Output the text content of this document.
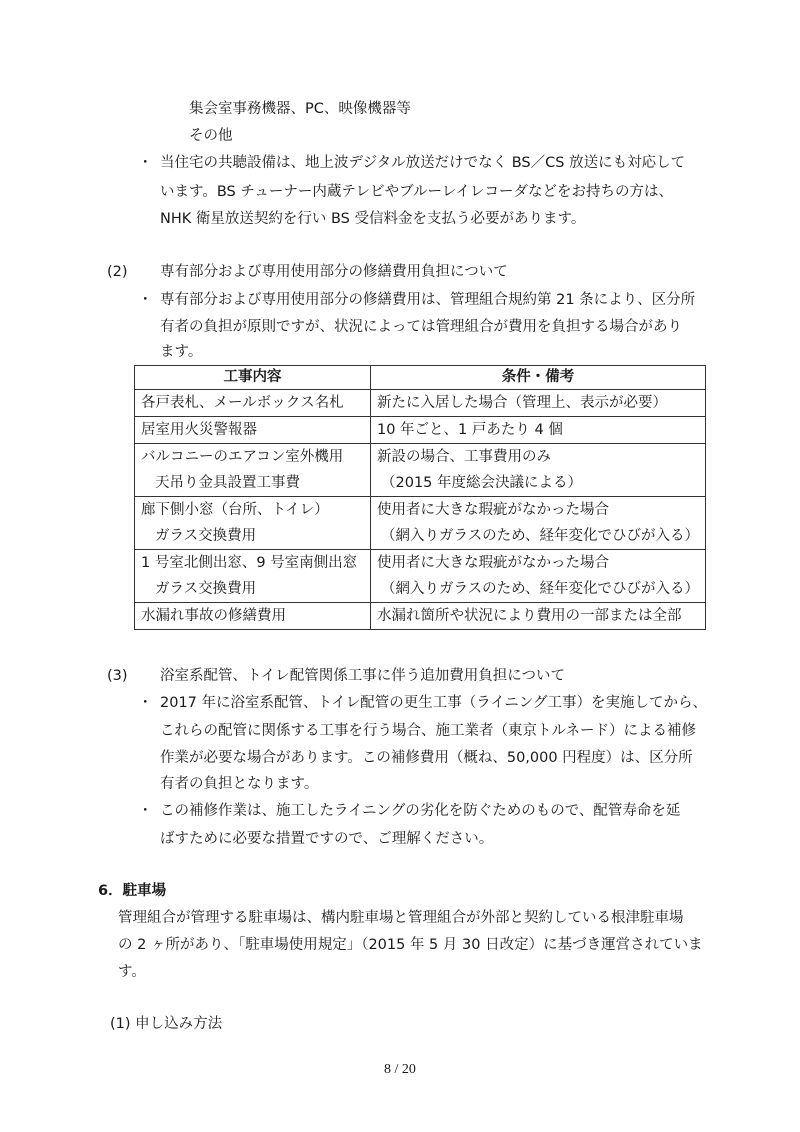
集会室事務機器、PC、映像機器等
その他
・ 当住宅の共聴設備は、地上波デジタル放送だけでなく BS／CS 放送にも対応して
います。BS チューナー内蔵テレビやブルーレイレコーダなどをお持ちの方は、
NHK 衛星放送契約を行い BS 受信料金を支払う必要があります。
(2) 専有部分および専用使用部分の修繕費用負担について
・ 専有部分および専用使用部分の修繕費用は、管理組合規約第 21 条により、区分所
有者の負担が原則ですが、状況によっては管理組合が費用を負担する場合があり
ます。
工事内容	条件・備考
各戸表札、メールボックス名札	新たに入居した場合（管理上、表示が必要）
居室用火災警報器	10 年ごと、1 戸あたり 4 個
バルコニーのエアコン室外機用
天吊り金具設置工事費	新設の場合、工事費用のみ
（2015 年度総会決議による）

廊下側小窓（台所、トイレ）
ガラス交換費用	使用者に大きな瑕疵がなかった場合
（網入りガラスのため、経年変化でひびが入る）

1 号室北側出窓、9 号室南側出窓
ガラス交換費用	使用者に大きな瑕疵がなかった場合
（網入りガラスのため、経年変化でひびが入る）

水漏れ事故の修繕費用	水漏れ箇所や状況により費用の一部または全部
(3) 浴室系配管、トイレ配管関係工事に伴う追加費用負担について
・ 2017 年に浴室系配管、トイレ配管の更生工事（ライニング工事）を実施してから、
これらの配管に関係する工事を行う場合、施工業者（東京トルネード）による補修
作業が必要な場合があります。この補修費用（概ね、50,000 円程度）は、区分所
有者の負担となります。
・ この補修作業は、施工したライニングの劣化を防ぐためのもので、配管寿命を延
ばすために必要な措置ですので、ご理解ください。
6．駐車場
管理組合が管理する駐車場は、構内駐車場と管理組合が外部と契約している根津駐車場
の 2 ヶ所があり、「駐車場使用規定」（2015 年 5 月 30 日改定）に基づき運営されていま
す。
(1) 申し込み方法
8 / 20
